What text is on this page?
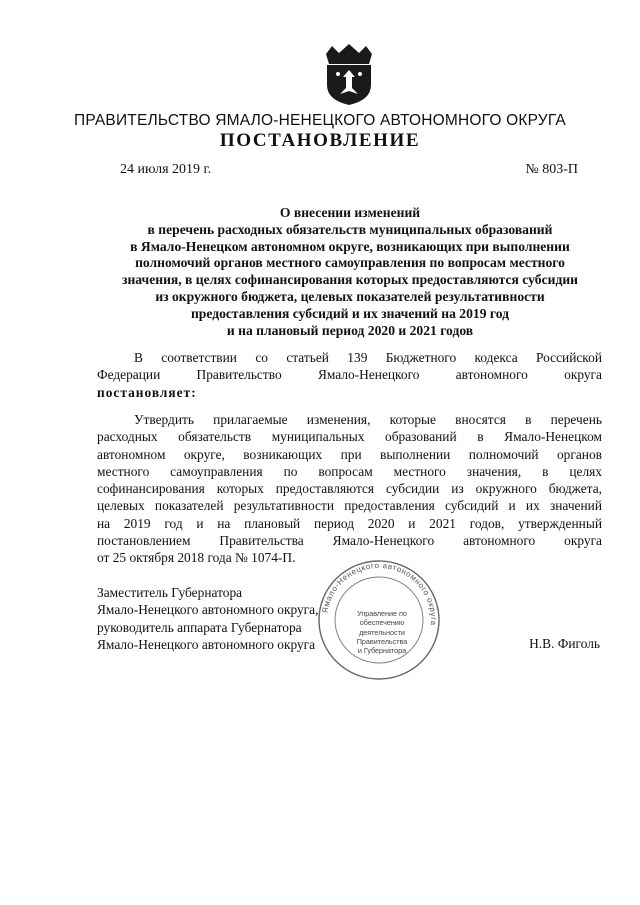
ПРАВИТЕЛЬСТВО ЯМАЛО-НЕНЕЦКОГО АВТОНОМНОГО ОКРУГА
ПОСТАНОВЛЕНИЕ
24 июля 2019 г.	№ 803-П
О внесении изменений
в перечень расходных обязательств муниципальных образований
в Ямало-Ненецком автономном округе, возникающих при выполнении
полномочий органов местного самоуправления по вопросам местного
значения, в целях софинансирования которых предоставляются субсидии
из окружного бюджета, целевых показателей результативности
предоставления субсидий и их значений на 2019 год
и на плановый период 2020 и 2021 годов
В соответствии со статьей 139 Бюджетного кодекса Российской
Федерации Правительство Ямало-Ненецкого автономного округа
постановляет:
Утвердить прилагаемые изменения, которые вносятся в перечень
расходных обязательств муниципальных образований в Ямало-Ненецком
автономном округе, возникающих при выполнении полномочий органов
местного самоуправления по вопросам местного значения, в целях
софинансирования которых предоставляются субсидии из окружного бюджета,
целевых показателей результативности предоставления субсидий и их значений
на 2019 год и на плановый период 2020 и 2021 годов, утвержденный
постановлением Правительства Ямало-Ненецкого автономного округа
от 25 октября 2018 года № 1074-П.
Заместитель Губернатора
Ямало-Ненецкого автономного округа,
руководитель аппарата Губернатора
Ямало-Ненецкого автономного округа	Н.В. Фиголь
Ямало-Ненецкого автономного округа
Управление по
обеспечению
деятельности
Правительства
и Губернатора
